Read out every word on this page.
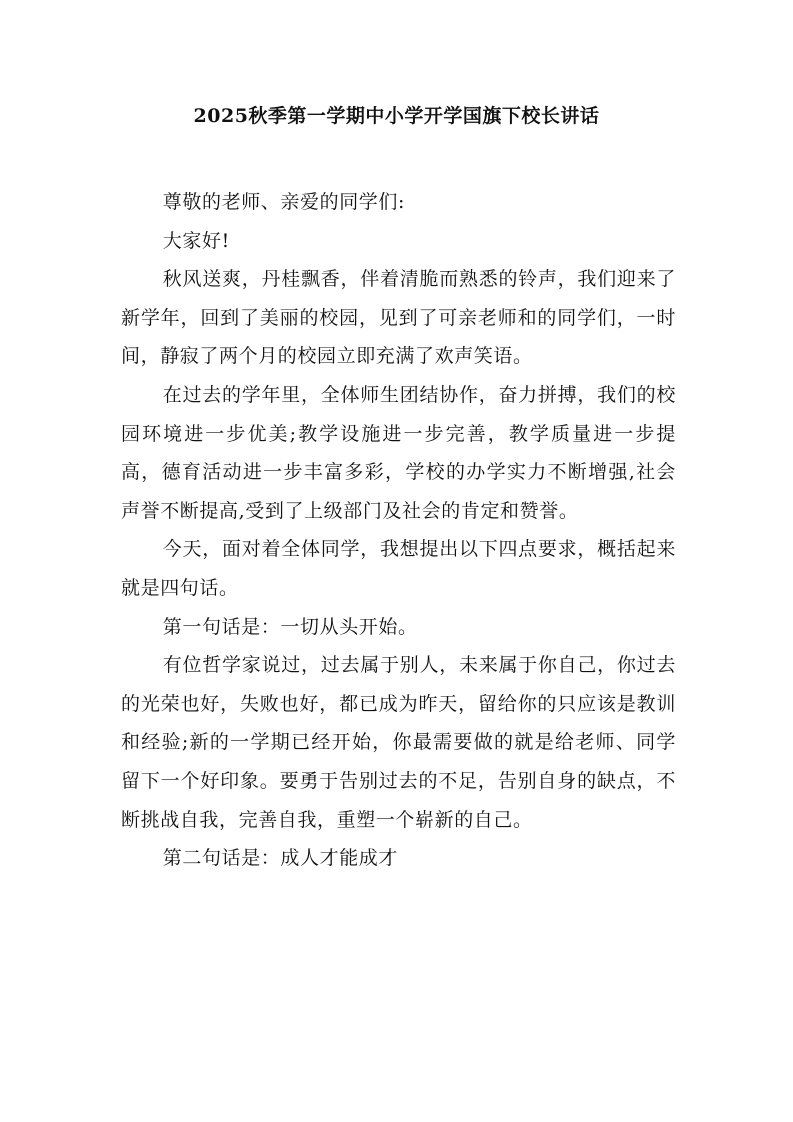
2025秋季第一学期中小学开学国旗下校长讲话

尊敬的老师、亲爱的同学们:

大家好!

秋风送爽，丹桂飘香，伴着清脆而熟悉的铃声，我们迎来了新学年，回到了美丽的校园，见到了可亲老师和的同学们，一时间，静寂了两个月的校园立即充满了欢声笑语。

在过去的学年里，全体师生团结协作，奋力拼搏，我们的校园环境进一步优美;教学设施进一步完善，教学质量进一步提高，德育活动进一步丰富多彩，学校的办学实力不断增强,社会声誉不断提高,受到了上级部门及社会的肯定和赞誉。

今天，面对着全体同学，我想提出以下四点要求，概括起来就是四句话。

第一句话是：一切从头开始。

有位哲学家说过，过去属于别人，未来属于你自己，你过去的光荣也好，失败也好，都已成为昨天，留给你的只应该是教训和经验;新的一学期已经开始，你最需要做的就是给老师、同学留下一个好印象。要勇于告别过去的不足，告别自身的缺点，不断挑战自我，完善自我，重塑一个崭新的自己。

第二句话是：成人才能成才
